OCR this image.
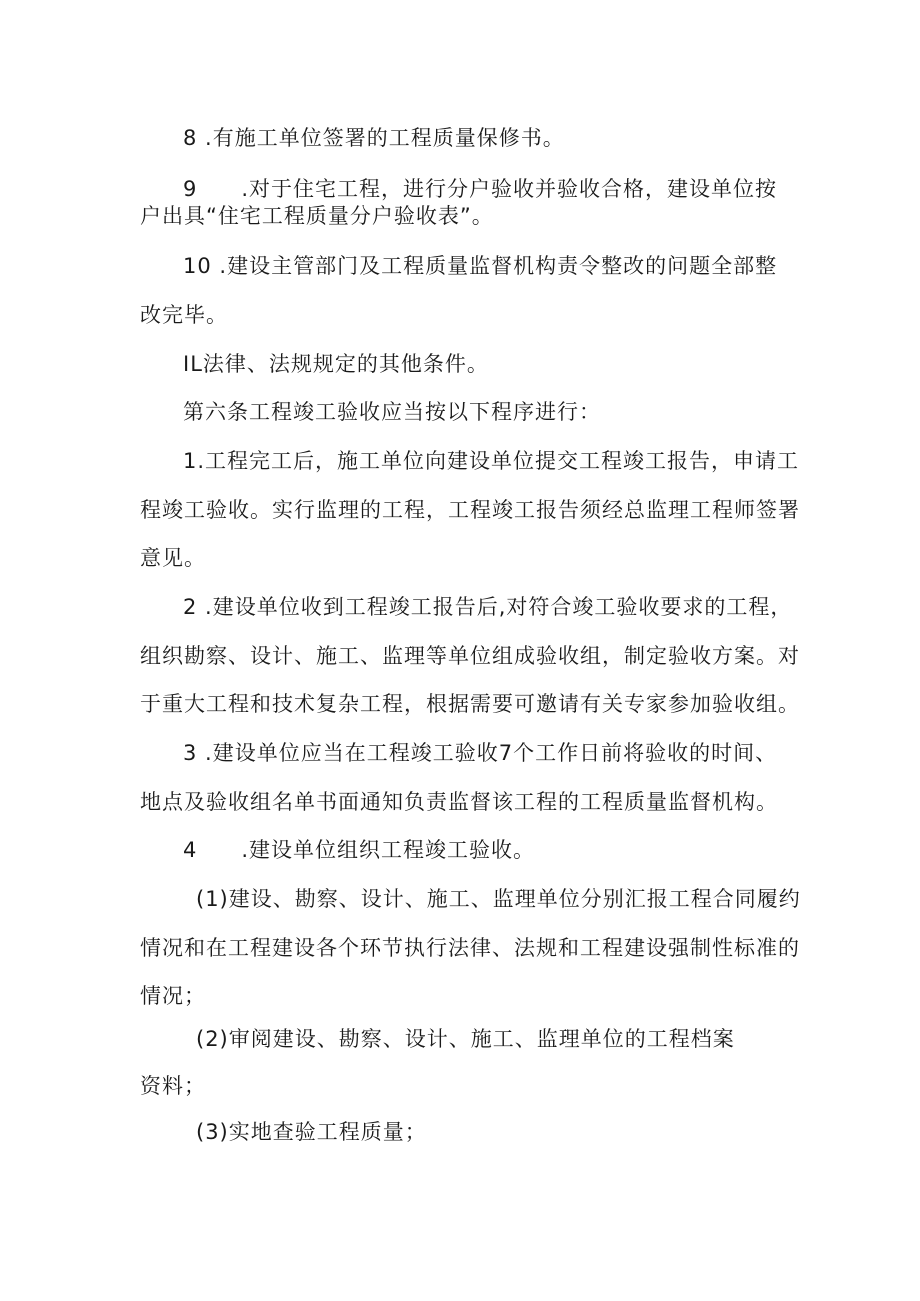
8 .有施工单位签署的工程质量保修书。
9　　.对于住宅工程，进行分户验收并验收合格，建设单位按
户出具“住宅工程质量分户验收表”。
10 .建设主管部门及工程质量监督机构责令整改的问题全部整
改完毕。
IL法律、法规规定的其他条件。
第六条工程竣工验收应当按以下程序进行：
1.工程完工后，施工单位向建设单位提交工程竣工报告，申请工
程竣工验收。实行监理的工程，工程竣工报告须经总监理工程师签署
意见。
2 .建设单位收到工程竣工报告后,对符合竣工验收要求的工程，
组织勘察、设计、施工、监理等单位组成验收组，制定验收方案。对
于重大工程和技术复杂工程，根据需要可邀请有关专家参加验收组。
3 .建设单位应当在工程竣工验收7个工作日前将验收的时间、
地点及验收组名单书面通知负责监督该工程的工程质量监督机构。
4　　.建设单位组织工程竣工验收。
(1)建设、勘察、设计、施工、监理单位分别汇报工程合同履约
情况和在工程建设各个环节执行法律、法规和工程建设强制性标准的
情况；
(2)审阅建设、勘察、设计、施工、监理单位的工程档案
资料；
(3)实地查验工程质量；
